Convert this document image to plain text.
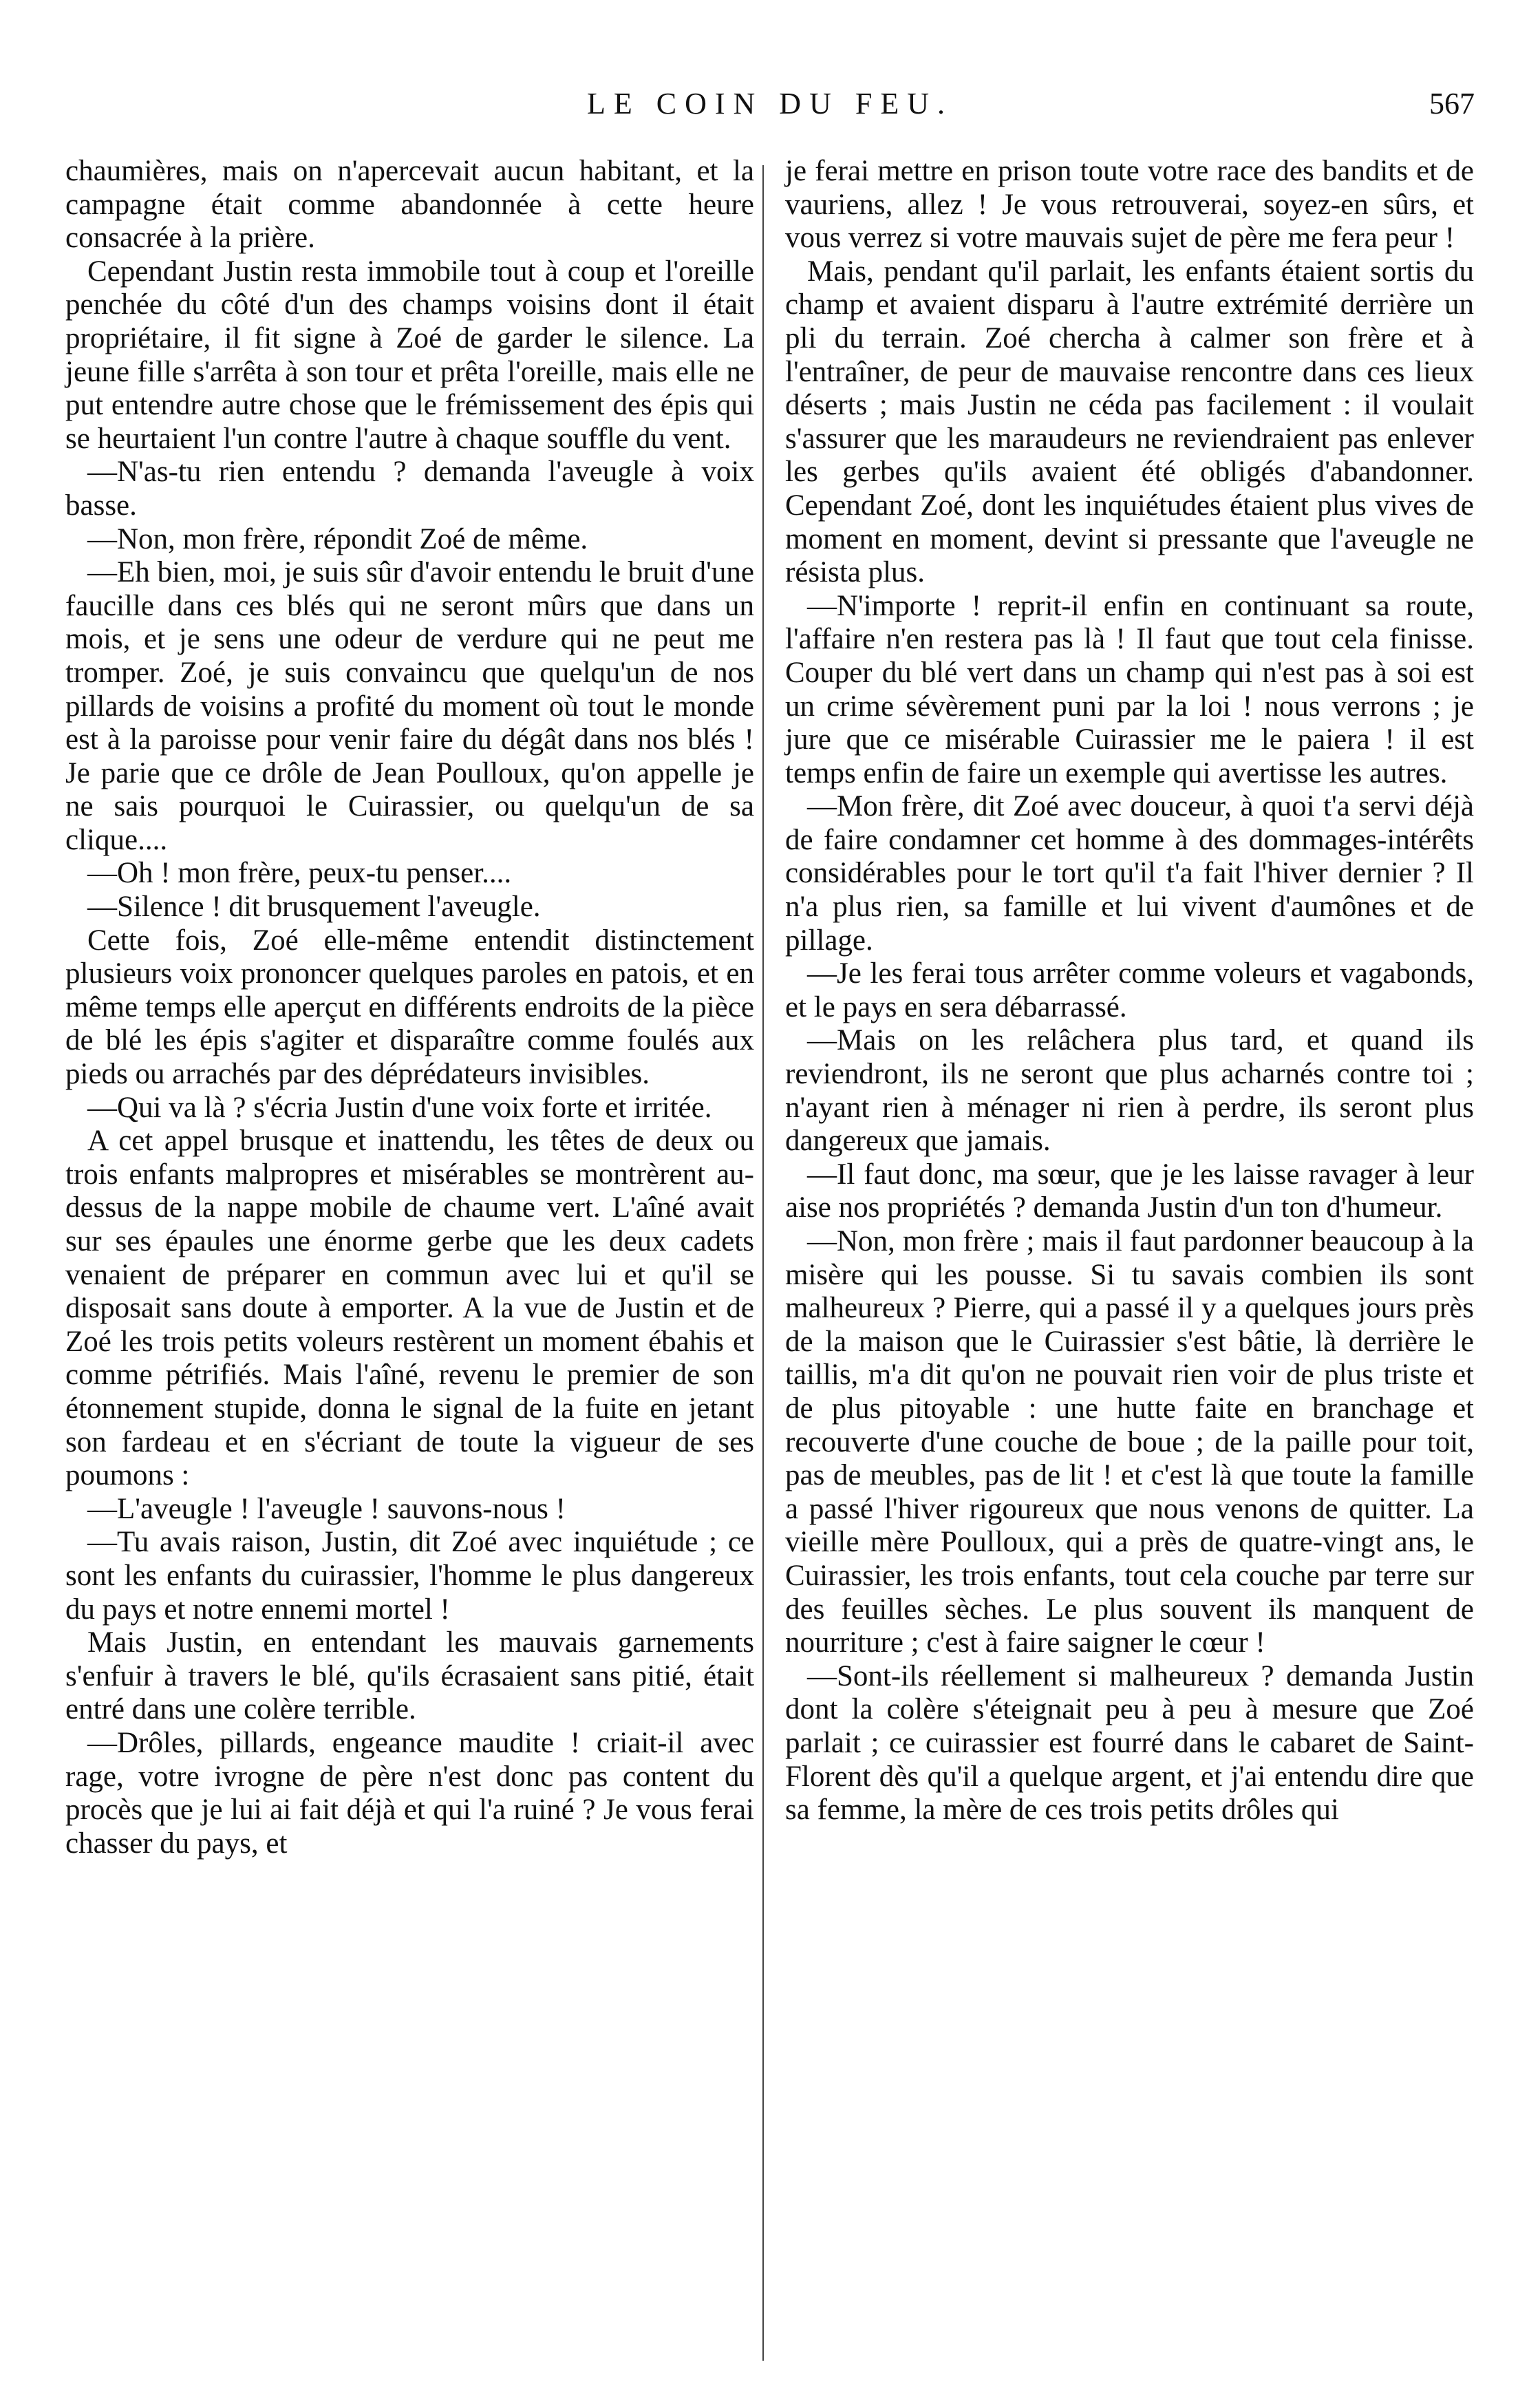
LE COIN DU FEU.	567

chaumières, mais on n'apercevait aucun habitant, et la campagne était comme abandonnée à cette heure consacrée à la prière.

Cependant Justin resta immobile tout à coup et l'oreille penchée du côté d'un des champs voisins dont il était propriétaire, il fit signe à Zoé de garder le silence. La jeune fille s'arrêta à son tour et prêta l'oreille, mais elle ne put entendre autre chose que le frémissement des épis qui se heurtaient l'un contre l'autre à chaque souffle du vent.

—N'as-tu rien entendu ? demanda l'aveugle à voix basse.

—Non, mon frère, répondit Zoé de même.

—Eh bien, moi, je suis sûr d'avoir entendu le bruit d'une faucille dans ces blés qui ne seront mûrs que dans un mois, et je sens une odeur de verdure qui ne peut me tromper. Zoé, je suis convaincu que quelqu'un de nos pillards de voisins a profité du moment où tout le monde est à la paroisse pour venir faire du dégât dans nos blés ! Je parie que ce drôle de Jean Poulloux, qu'on appelle je ne sais pourquoi le Cuirassier, ou quelqu'un de sa clique....

—Oh ! mon frère, peux-tu penser....

—Silence ! dit brusquement l'aveugle.

Cette fois, Zoé elle-même entendit distinctement plusieurs voix prononcer quelques paroles en patois, et en même temps elle aperçut en différents endroits de la pièce de blé les épis s'agiter et disparaître comme foulés aux pieds ou arrachés par des déprédateurs invisibles.

—Qui va là ? s'écria Justin d'une voix forte et irritée.

A cet appel brusque et inattendu, les têtes de deux ou trois enfants malpropres et misérables se montrèrent au-dessus de la nappe mobile de chaume vert. L'aîné avait sur ses épaules une énorme gerbe que les deux cadets venaient de préparer en commun avec lui et qu'il se disposait sans doute à emporter. A la vue de Justin et de Zoé les trois petits voleurs restèrent un moment ébahis et comme pétrifiés. Mais l'aîné, revenu le premier de son étonnement stupide, donna le signal de la fuite en jetant son fardeau et en s'écriant de toute la vigueur de ses poumons :

—L'aveugle ! l'aveugle ! sauvons-nous !

—Tu avais raison, Justin, dit Zoé avec inquiétude ; ce sont les enfants du cuirassier, l'homme le plus dangereux du pays et notre ennemi mortel !

Mais Justin, en entendant les mauvais garnements s'enfuir à travers le blé, qu'ils écrasaient sans pitié, était entré dans une colère terrible.

—Drôles, pillards, engeance maudite ! criait-il avec rage, votre ivrogne de père n'est donc pas content du procès que je lui ai fait déjà et qui l'a ruiné ? Je vous ferai chasser du pays, et

je ferai mettre en prison toute votre race des bandits et de vauriens, allez ! Je vous retrouverai, soyez-en sûrs, et vous verrez si votre mauvais sujet de père me fera peur !

Mais, pendant qu'il parlait, les enfants étaient sortis du champ et avaient disparu à l'autre extrémité derrière un pli du terrain. Zoé chercha à calmer son frère et à l'entraîner, de peur de mauvaise rencontre dans ces lieux déserts ; mais Justin ne céda pas facilement : il voulait s'assurer que les maraudeurs ne reviendraient pas enlever les gerbes qu'ils avaient été obligés d'abandonner. Cependant Zoé, dont les inquiétudes étaient plus vives de moment en moment, devint si pressante que l'aveugle ne résista plus.

—N'importe ! reprit-il enfin en continuant sa route, l'affaire n'en restera pas là ! Il faut que tout cela finisse. Couper du blé vert dans un champ qui n'est pas à soi est un crime sévèrement puni par la loi ! nous verrons ; je jure que ce misérable Cuirassier me le paiera ! il est temps enfin de faire un exemple qui avertisse les autres.

—Mon frère, dit Zoé avec douceur, à quoi t'a servi déjà de faire condamner cet homme à des dommages-intérêts considérables pour le tort qu'il t'a fait l'hiver dernier ? Il n'a plus rien, sa famille et lui vivent d'aumônes et de pillage.

—Je les ferai tous arrêter comme voleurs et vagabonds, et le pays en sera débarrassé.

—Mais on les relâchera plus tard, et quand ils reviendront, ils ne seront que plus acharnés contre toi ; n'ayant rien à ménager ni rien à perdre, ils seront plus dangereux que jamais.

—Il faut donc, ma sœur, que je les laisse ravager à leur aise nos propriétés ? demanda Justin d'un ton d'humeur.

—Non, mon frère ; mais il faut pardonner beaucoup à la misère qui les pousse. Si tu savais combien ils sont malheureux ? Pierre, qui a passé il y a quelques jours près de la maison que le Cuirassier s'est bâtie, là derrière le taillis, m'a dit qu'on ne pouvait rien voir de plus triste et de plus pitoyable : une hutte faite en branchage et recouverte d'une couche de boue ; de la paille pour toit, pas de meubles, pas de lit ! et c'est là que toute la famille a passé l'hiver rigoureux que nous venons de quitter. La vieille mère Poulloux, qui a près de quatre-vingt ans, le Cuirassier, les trois enfants, tout cela couche par terre sur des feuilles sèches. Le plus souvent ils manquent de nourriture ; c'est à faire saigner le cœur !

—Sont-ils réellement si malheureux ? demanda Justin dont la colère s'éteignait peu à peu à mesure que Zoé parlait ; ce cuirassier est fourré dans le cabaret de Saint-Florent dès qu'il a quelque argent, et j'ai entendu dire que sa femme, la mère de ces trois petits drôles qui
